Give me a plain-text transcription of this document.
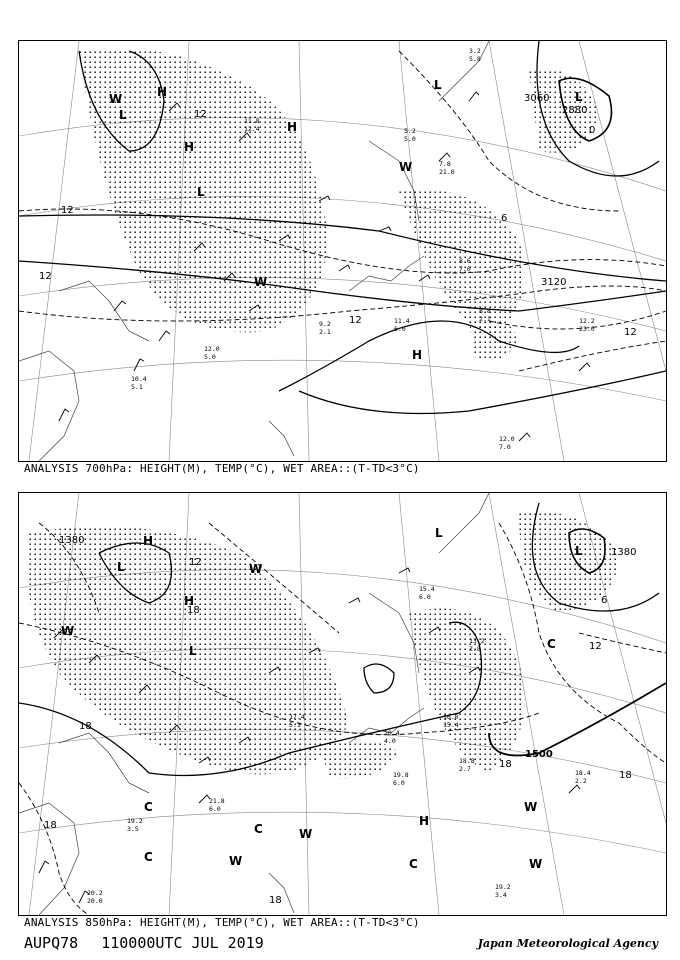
12.0
7.0
11.4
6.0
8.8
2.1	12.2
23.0
10.4
5.1
12.0
5.0
8.6
7.0
7.8
21.0
5.2
5.0
3.2
5.8
11.8
12.4
9.2
2.1
3120
2880
3060
12
12
12
12
12
6
0
H
H
H
H
L
L
L
W
W
W
L
ANALYSIS 700hPa: HEIGHT(M), TEMP(°C), WET AREA::(T-TD<3°C)
19.2
3.4
18.4
2.2
19.8
6.0
21.8
6.0
20.2
20.0
19.2
3.5
16.0
15.4
13.2
2.8
18.8
2.7
17.4
5.1
20.4
4.0
15.4
6.0
1500
1380
1380
18
18
18
18
12
6
18
12
18
H
H
H
L
L
L
L
W
W
W
W
W
W
C
C
C
C
C
ANALYSIS 850hPa: HEIGHT(M), TEMP(°C), WET AREA::(T-TD<3°C)
AUPQ78 110000UTC JUL 2019	Japan Meteorological Agency
